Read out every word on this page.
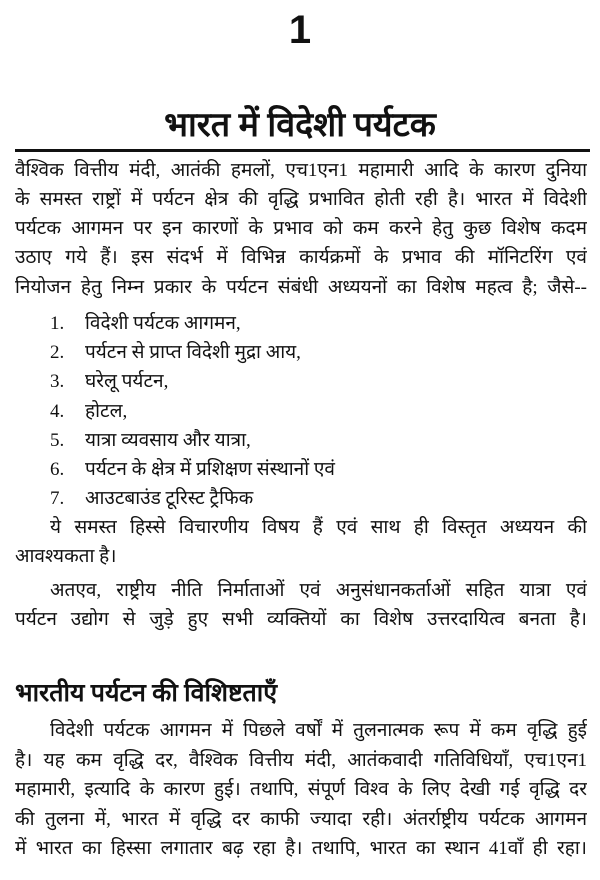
1
भारत में विदेशी पर्यटक
वैश्विक वित्तीय मंदी, आतंकी हमलों, एच1एन1 महामारी आदि के कारण दुनिया
के समस्त राष्ट्रों में पर्यटन क्षेत्र की वृद्धि प्रभावित होती रही है। भारत में विदेशी
पर्यटक आगमन पर इन कारणों के प्रभाव को कम करने हेतु कुछ विशेष कदम
उठाए गये हैं। इस संदर्भ में विभिन्न कार्यक्रमों के प्रभाव की मॉनिटरिंग एवं
नियोजन हेतु निम्न प्रकार के पर्यटन संबंधी अध्ययनों का विशेष महत्व है; जैसे--
1. विदेशी पर्यटक आगमन,
2. पर्यटन से प्राप्त विदेशी मुद्रा आय,
3. घरेलू पर्यटन,
4. होटल,
5. यात्रा व्यवसाय और यात्रा,
6. पर्यटन के क्षेत्र में प्रशिक्षण संस्थानों एवं
7. आउटबाउंड टूरिस्ट ट्रैफिक
ये समस्त हिस्से विचारणीय विषय हैं एवं साथ ही विस्तृत अध्ययन की
आवश्यकता है।
अतएव, राष्ट्रीय नीति निर्माताओं एवं अनुसंधानकर्ताओं सहित यात्रा एवं
पर्यटन उद्योग से जुड़े हुए सभी व्यक्तियों का विशेष उत्तरदायित्व बनता है।
भारतीय पर्यटन की विशिष्टताएँ
विदेशी पर्यटक आगमन में पिछले वर्षों में तुलनात्मक रूप में कम वृद्धि हुई
है। यह कम वृद्धि दर, वैश्विक वित्तीय मंदी, आतंकवादी गतिविधियाँ, एच1एन1
महामारी, इत्यादि के कारण हुई। तथापि, संपूर्ण विश्व के लिए देखी गई वृद्धि दर
की तुलना में, भारत में वृद्धि दर काफी ज्यादा रही। अंतर्राष्ट्रीय पर्यटक आगमन
में भारत का हिस्सा लगातार बढ़ रहा है। तथापि, भारत का स्थान 41वाँ ही रहा।
